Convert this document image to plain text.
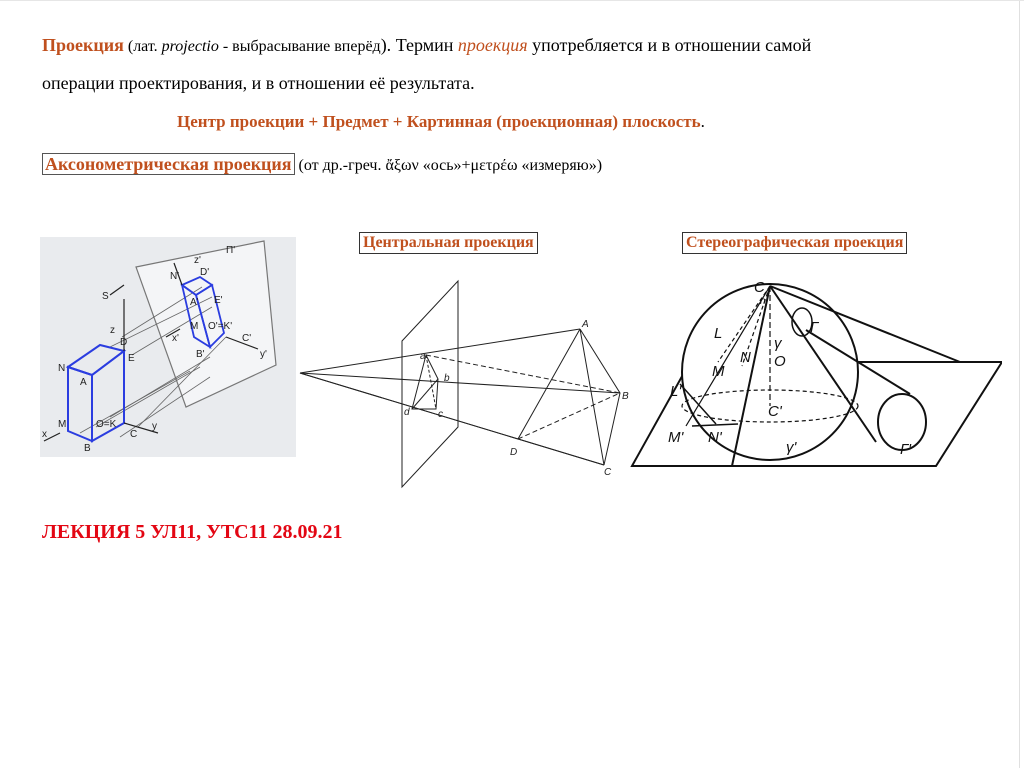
Проекция (лат. projectio - выбрасывание вперёд). Термин проекция употребляется и в отношении самой
операции проектирования, и в отношении её результата.
Центр проекции + Предмет + Картинная (проекционная) плоскость.
Аксонометрическая проекция (от др.-греч. ἄξων «ось»+μετρέω «измеряю»)
Центральная проекция	Стереографическая проекция
П'
S
z
z'
N' D'
A' E'
x'
M O'=K'
B'
C'
y'
D
N
A
E
M	O=K
C
B
x
y
a
b
c
d
A
B
C
D
C
n
L
M
N
γ
O
Г
L'
C'
M' N'
γ'	Г'
ЛЕКЦИЯ 5 УЛ11, УТС11 28.09.21
